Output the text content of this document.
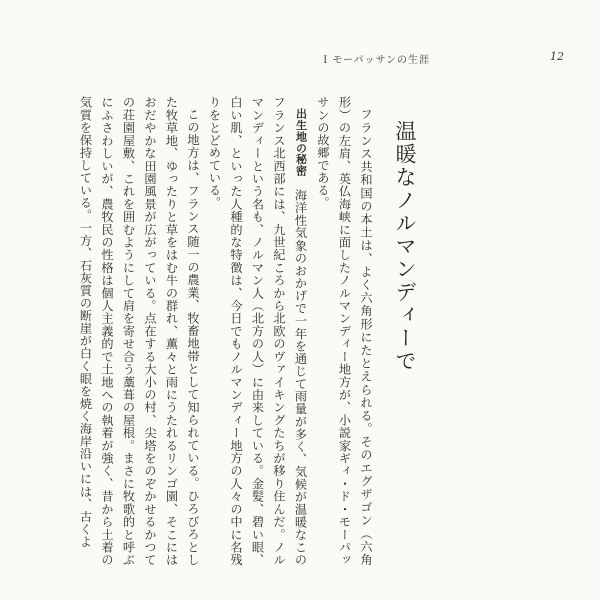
Ⅰ モーパッサンの生涯	12
温暖なノルマンディーで

フランス共和国の本土は、よく六角形にたとえられる。そのエグザゴン（六角形）の左肩、英仏海峡に面したノルマンディー地方が、小説家ギィ・ド・モーパッサンの故郷である。

出生地の秘密　海洋性気象のおかげで一年を通じて雨量が多く、気候が温暖なこのフランス北西部には、九世紀ころから北欧のヴァイキングたちが移り住んだ。ノルマンディーという名も、ノルマン人（北方の人）に由来している。金髪、碧い眼、白い肌、といった人種的な特徴は、今日でもノルマンディー地方の人々の中に名残りをとどめている。

この地方は、フランス随一の農業、牧畜地帯として知られている。ひろびろとした牧草地、ゆったりと草をはむ牛の群れ、薫々と雨にうたれるリンゴ園、そこにはおだやかな田園風景が広がっている。点在する大小の村、尖塔をのぞかせるかつての荘園屋敷、これを囲むようにして肩を寄せ合う藁葺の屋根。まさに牧歌的と呼ぶにふさわしいが、農牧民の性格は個人主義的で土地への執着が強く、昔から土着の気質を保持している。一方、石灰質の断崖が白く眼を焼く海岸沿いには、古くよ
